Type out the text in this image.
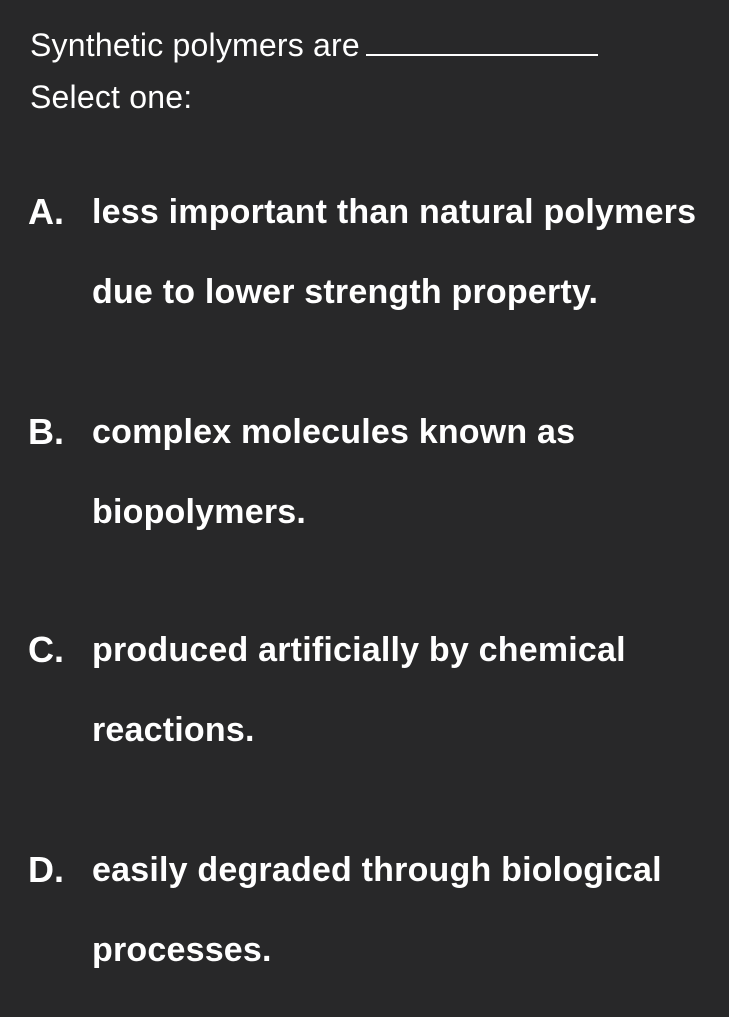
Synthetic polymers are
Select one:
A. less important than natural polymers
due to lower strength property.
B. complex molecules known as
biopolymers.
C. produced artificially by chemical
reactions.
D. easily degraded through biological
processes.
